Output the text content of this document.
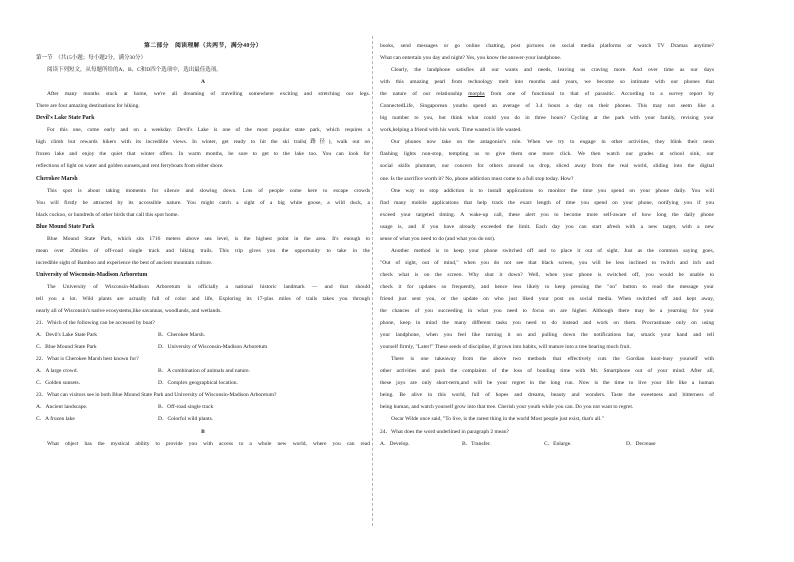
第二部分　阅读理解（共两节，满分40分）
第一节　（共15小题；每小题2分，满分30分）
阅读下列短文，从每题所给的A、B、C和D四个选项中，选出最佳选项。
A
After many months stuck at home, we're all dreaming of travelling somewhere exciting and stretching our legs.
There are four amazing destinations for hiking.
Devil's Lake State Park
For this one, come early and on a weekday. Devil's Lake is one of the most popular state park, which requires a
high climb but rewards hikers with its incredible views. In winter, get ready to hit the ski trails(路径), walk out on
frozen lake and enjoy the quiet that winter offers. In warm months, be sure to get to the lake too. You can look for
reflections of light on water and golden sunsets,and rent ferryboats from either shore.
Cherokee Marsh
This spot is about taking moments for silence and slowing down. Lots of people come here to escape crowds
You will firstly be attracted by its accessible nature. You might catch a sight of a big white goose, a wild duck, a
black cuckoo, or hundreds of other birds that call this spot home.
Blue Mound State Park
Blue Mound State Park, which sits 1716 meters above sea level, is the highest point in the area. It's enough to
mean over 20miles of off-road single track and hiking trails. This trip gives you the opportunity to take in the
incredible sight of Bamboo and experience the best of ancient mountain culture.
University of Wisconsin-Madison Arboretum
The University of Wisconsin-Madison Arboretum is officially a national historic landmark — and that should
tell you a lot. Wild plants are actually full of color and life, Exploring its 17-plus miles of trails takes you through
nearly all of Wisconsin's native ecosystems,like savannas, woodlands, and wetlands.
21．Which of the following can be accessed by boat?
A．Devil's Lake State Park	B．Cherokee Marsh.
C．Blue Mound State Park	D．University of Wisconsin-Madison Arboretum
22．What is Cherokee Marsh best known for?
A．A large crowd.	B．A combination of animals and nature.
C．Golden sunsets.	D．Complex geographical location.
23．What can visitors see in both Blue Mound State Park and University of Wisconsin-Madison Arboretum?
A．Ancient landscape.	B．Off-road single track
C．A frozen lake	D．Colorful wild plants.
B
What object has the mystical ability to provide you with access to a whole new world, where you can read
books, send messages or go online chatting, post pictures on social media platforms or watch TV Dramas anytime?
What can entertain you day and night? Yes, you know the answer-your landphone.
Clearly, the landphone satisfies all our wants and needs, leaving us craving more. And over time as our days
with this amazing pearl from technology melt into months and years, we become so intimate with our phones that
the nature of our relationship morphs from one of functional to that of parasitic. According to a survey report by
ConnectedLife, Singaporean youths spend an average of 3.4 hours a day on their phones. This may not seem like a
big number to you, but think what could you do in three hours? Cycling at the park with your family, revising your
work,helping a friend with his work. Time wasted is life wasted.
Our phones now take on the antagonist's role. When we try to engage in other activities, they blink their neon
flashing lights non-stop, tempting us to give them one more click. We then watch our grades at school sink, our
social skills plummet, our concern for others around us drop, sliced away from the real world, sliding into the digital
one. Is the sacrifice worth it? No, phone addiction must come to a full stop today. How?
One way to stop addiction is to install applications to monitor the time you spend on your phone daily. You will
find many mobile applications that help track the exact length of time you spend on your phone, notifying you if you
exceed your targeted timing. A wake-up call, these alert you to become more self-aware of how long the daily phone
usage is, and if you have already exceeded the limit. Each day you can start afresh with a new target, with a new
sense of what you need to do (and what you do not).
Another method is to keep your phone switched off and to place it out of sight. Just as the common saying goes,
"Out of sight, out of mind," when you do not see that black screen, you will be less inclined to twitch and itch and
check what is on the screen. Why shut it down? Well, when your phone is switched off, you would be unable to
check it for updates so frequently, and hence less likely to keep pressing the "on" button to read the message your
friend just sent you, or the update on who just liked your post on social media. When switched off and kept away,
the chances of you succeeding in what you need to focus on are higher. Although there may be a yearning for your
phone, keep in mind the many different tasks you need to do instead and work on them. Procrastinate only on using
your landphone, when you feel like turning it on and pulling down the notifications bar, smack your hand and tell
yourself firmly, "Later!" These seeds of discipline, if grown into habits, will mature into a tree bearing much fruit.
There is one takeaway from the above two methods that effectively cuts the Gordian knot-busy yourself with
other activities and push the complaints of the loss of bonding time with Mr. Smartphone out of your mind. After all,
these joys are only short-term,and will be your regret in the long run. Now is the time to live your life like a human
being. Be alive in this world, full of hopes and dreams, beauty and wonders. Taste the sweetness and bitterness of
being human, and watch yourself grow into that tree. Cherish your youth while you can. Do you not want to regret.
Oscar Wilde once said, "To live, is the rarest thing in the world Most people just exist, that's all."
24．What does the word underlined in paragraph 2 mean?
A．Develop.	B．Transfer.	C．Enlarge.	D．Decrease
